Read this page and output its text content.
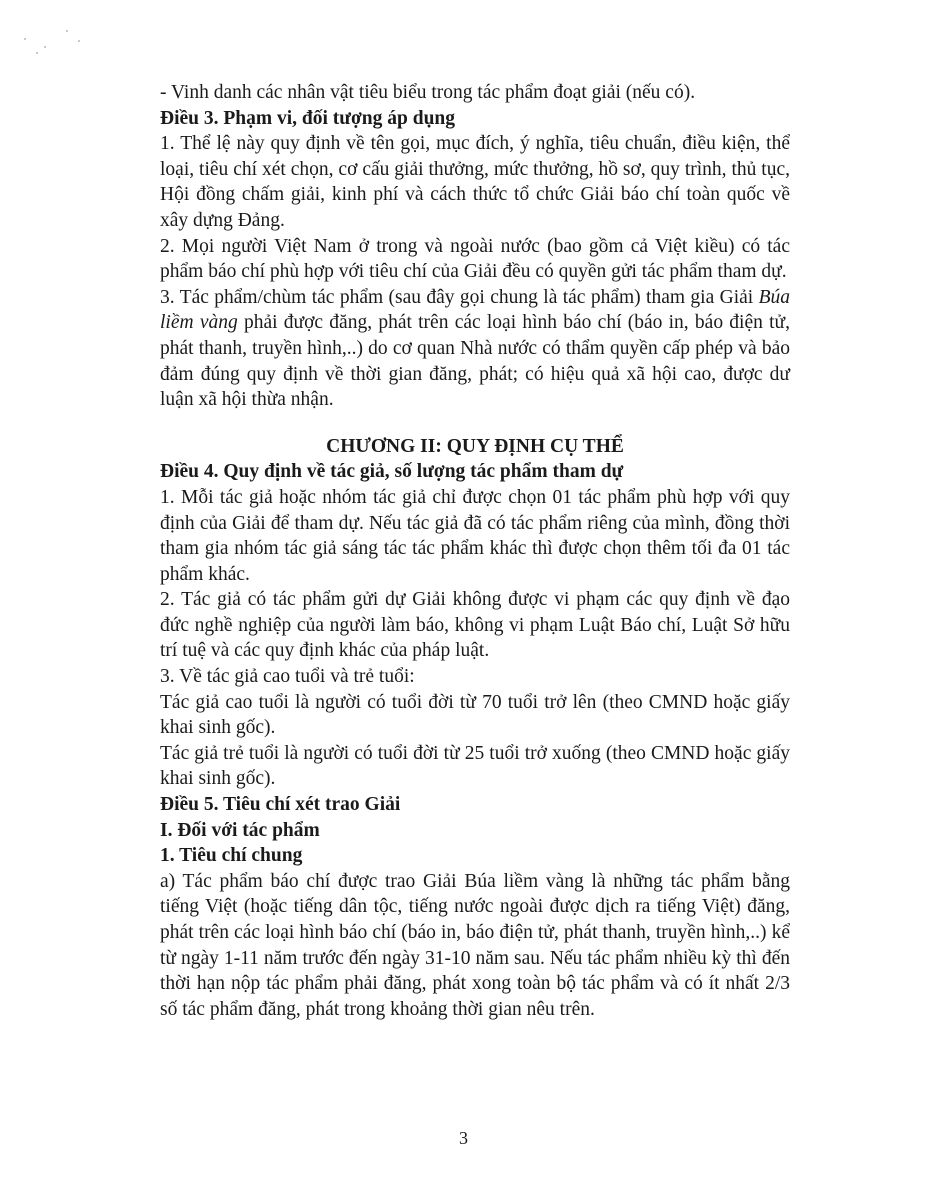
- Vinh danh các nhân vật tiêu biểu trong tác phẩm đoạt giải (nếu có).

Điều 3. Phạm vi, đối tượng áp dụng

1. Thể lệ này quy định về tên gọi, mục đích, ý nghĩa, tiêu chuẩn, điều kiện, thể loại, tiêu chí xét chọn, cơ cấu giải thưởng, mức thưởng, hồ sơ, quy trình, thủ tục, Hội đồng chấm giải, kinh phí và cách thức tổ chức Giải báo chí toàn quốc về xây dựng Đảng.

2. Mọi người Việt Nam ở trong và ngoài nước (bao gồm cả Việt kiều) có tác phẩm báo chí phù hợp với tiêu chí của Giải đều có quyền gửi tác phẩm tham dự.

3. Tác phẩm/chùm tác phẩm (sau đây gọi chung là tác phẩm) tham gia Giải Búa liềm vàng phải được đăng, phát trên các loại hình báo chí (báo in, báo điện tử, phát thanh, truyền hình,..) do cơ quan Nhà nước có thẩm quyền cấp phép và bảo đảm đúng quy định về thời gian đăng, phát; có hiệu quả xã hội cao, được dư luận xã hội thừa nhận.

CHƯƠNG II: QUY ĐỊNH CỤ THỂ

Điều 4. Quy định về tác giả, số lượng tác phẩm tham dự

1. Mỗi tác giả hoặc nhóm tác giả chỉ được chọn 01 tác phẩm phù hợp với quy định của Giải để tham dự. Nếu tác giả đã có tác phẩm riêng của mình, đồng thời tham gia nhóm tác giả sáng tác tác phẩm khác thì được chọn thêm tối đa 01 tác phẩm khác.

2. Tác giả có tác phẩm gửi dự Giải không được vi phạm các quy định về đạo đức nghề nghiệp của người làm báo, không vi phạm Luật Báo chí, Luật Sở hữu trí tuệ và các quy định khác của pháp luật.

3. Về tác giả cao tuổi và trẻ tuổi:

Tác giả cao tuổi là người có tuổi đời từ 70 tuổi trở lên (theo CMND hoặc giấy khai sinh gốc).

Tác giả trẻ tuổi là người có tuổi đời từ 25 tuổi trở xuống (theo CMND hoặc giấy khai sinh gốc).

Điều 5. Tiêu chí xét trao Giải

I. Đối với tác phẩm

1. Tiêu chí chung

a) Tác phẩm báo chí được trao Giải Búa liềm vàng là những tác phẩm bằng tiếng Việt (hoặc tiếng dân tộc, tiếng nước ngoài được dịch ra tiếng Việt) đăng, phát trên các loại hình báo chí (báo in, báo điện tử, phát thanh, truyền hình,..) kể từ ngày 1-11 năm trước đến ngày 31-10 năm sau. Nếu tác phẩm nhiều kỳ thì đến thời hạn nộp tác phẩm phải đăng, phát xong toàn bộ tác phẩm và có ít nhất 2/3 số tác phẩm đăng, phát trong khoảng thời gian nêu trên.

3
